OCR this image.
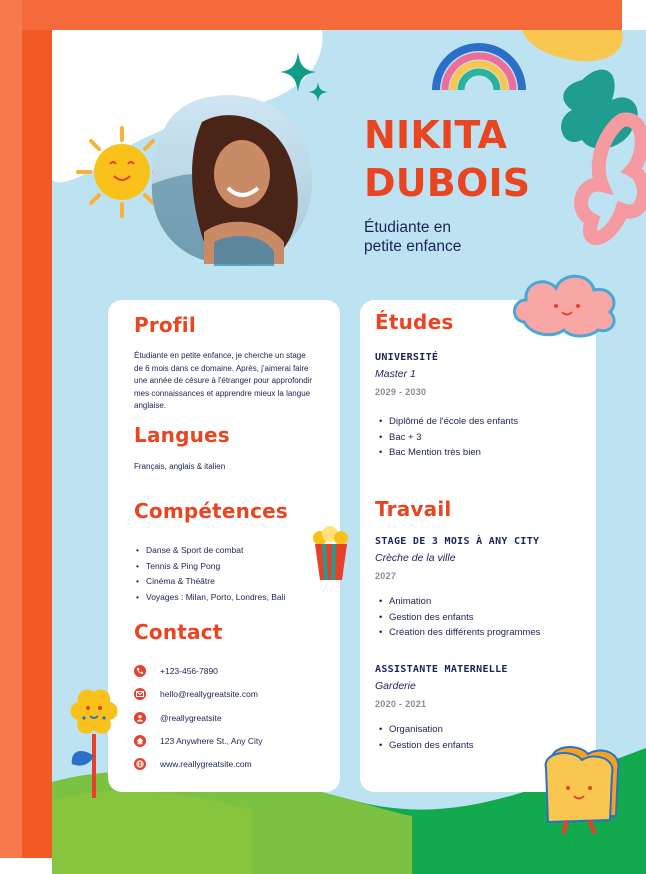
NIKITA
DUBOIS
Étudiante en
petite enfance
Profil
Étudiante en petite enfance, je cherche un stage de 6 mois dans ce domaine. Après, j'aimerai faire une année de césure à l'étranger pour approfondir mes connaissances et apprendre mieux la langue anglaise.
Langues
Français, anglais & italien
Compétences
• Danse & Sport de combat
• Tennis & Ping Pong
• Cinéma & Théâtre
• Voyages : Milan, Porto, Londres, Bali
Contact
+123-456-7890
hello@reallygreatsite.com
@reallygreatsite
123 Anywhere St., Any City
www.reallygreatsite.com
Études
UNIVERSITÉ
Master 1
2029 - 2030
• Diplômé de l'école des enfants
• Bac + 3
• Bac Mention très bien
Travail
STAGE DE 3 MOIS À ANY CITY
Crèche de la ville
2027
• Animation
• Gestion des enfants
• Création des différents programmes
ASSISTANTE MATERNELLE
Garderie
2020 - 2021
• Organisation
• Gestion des enfants
